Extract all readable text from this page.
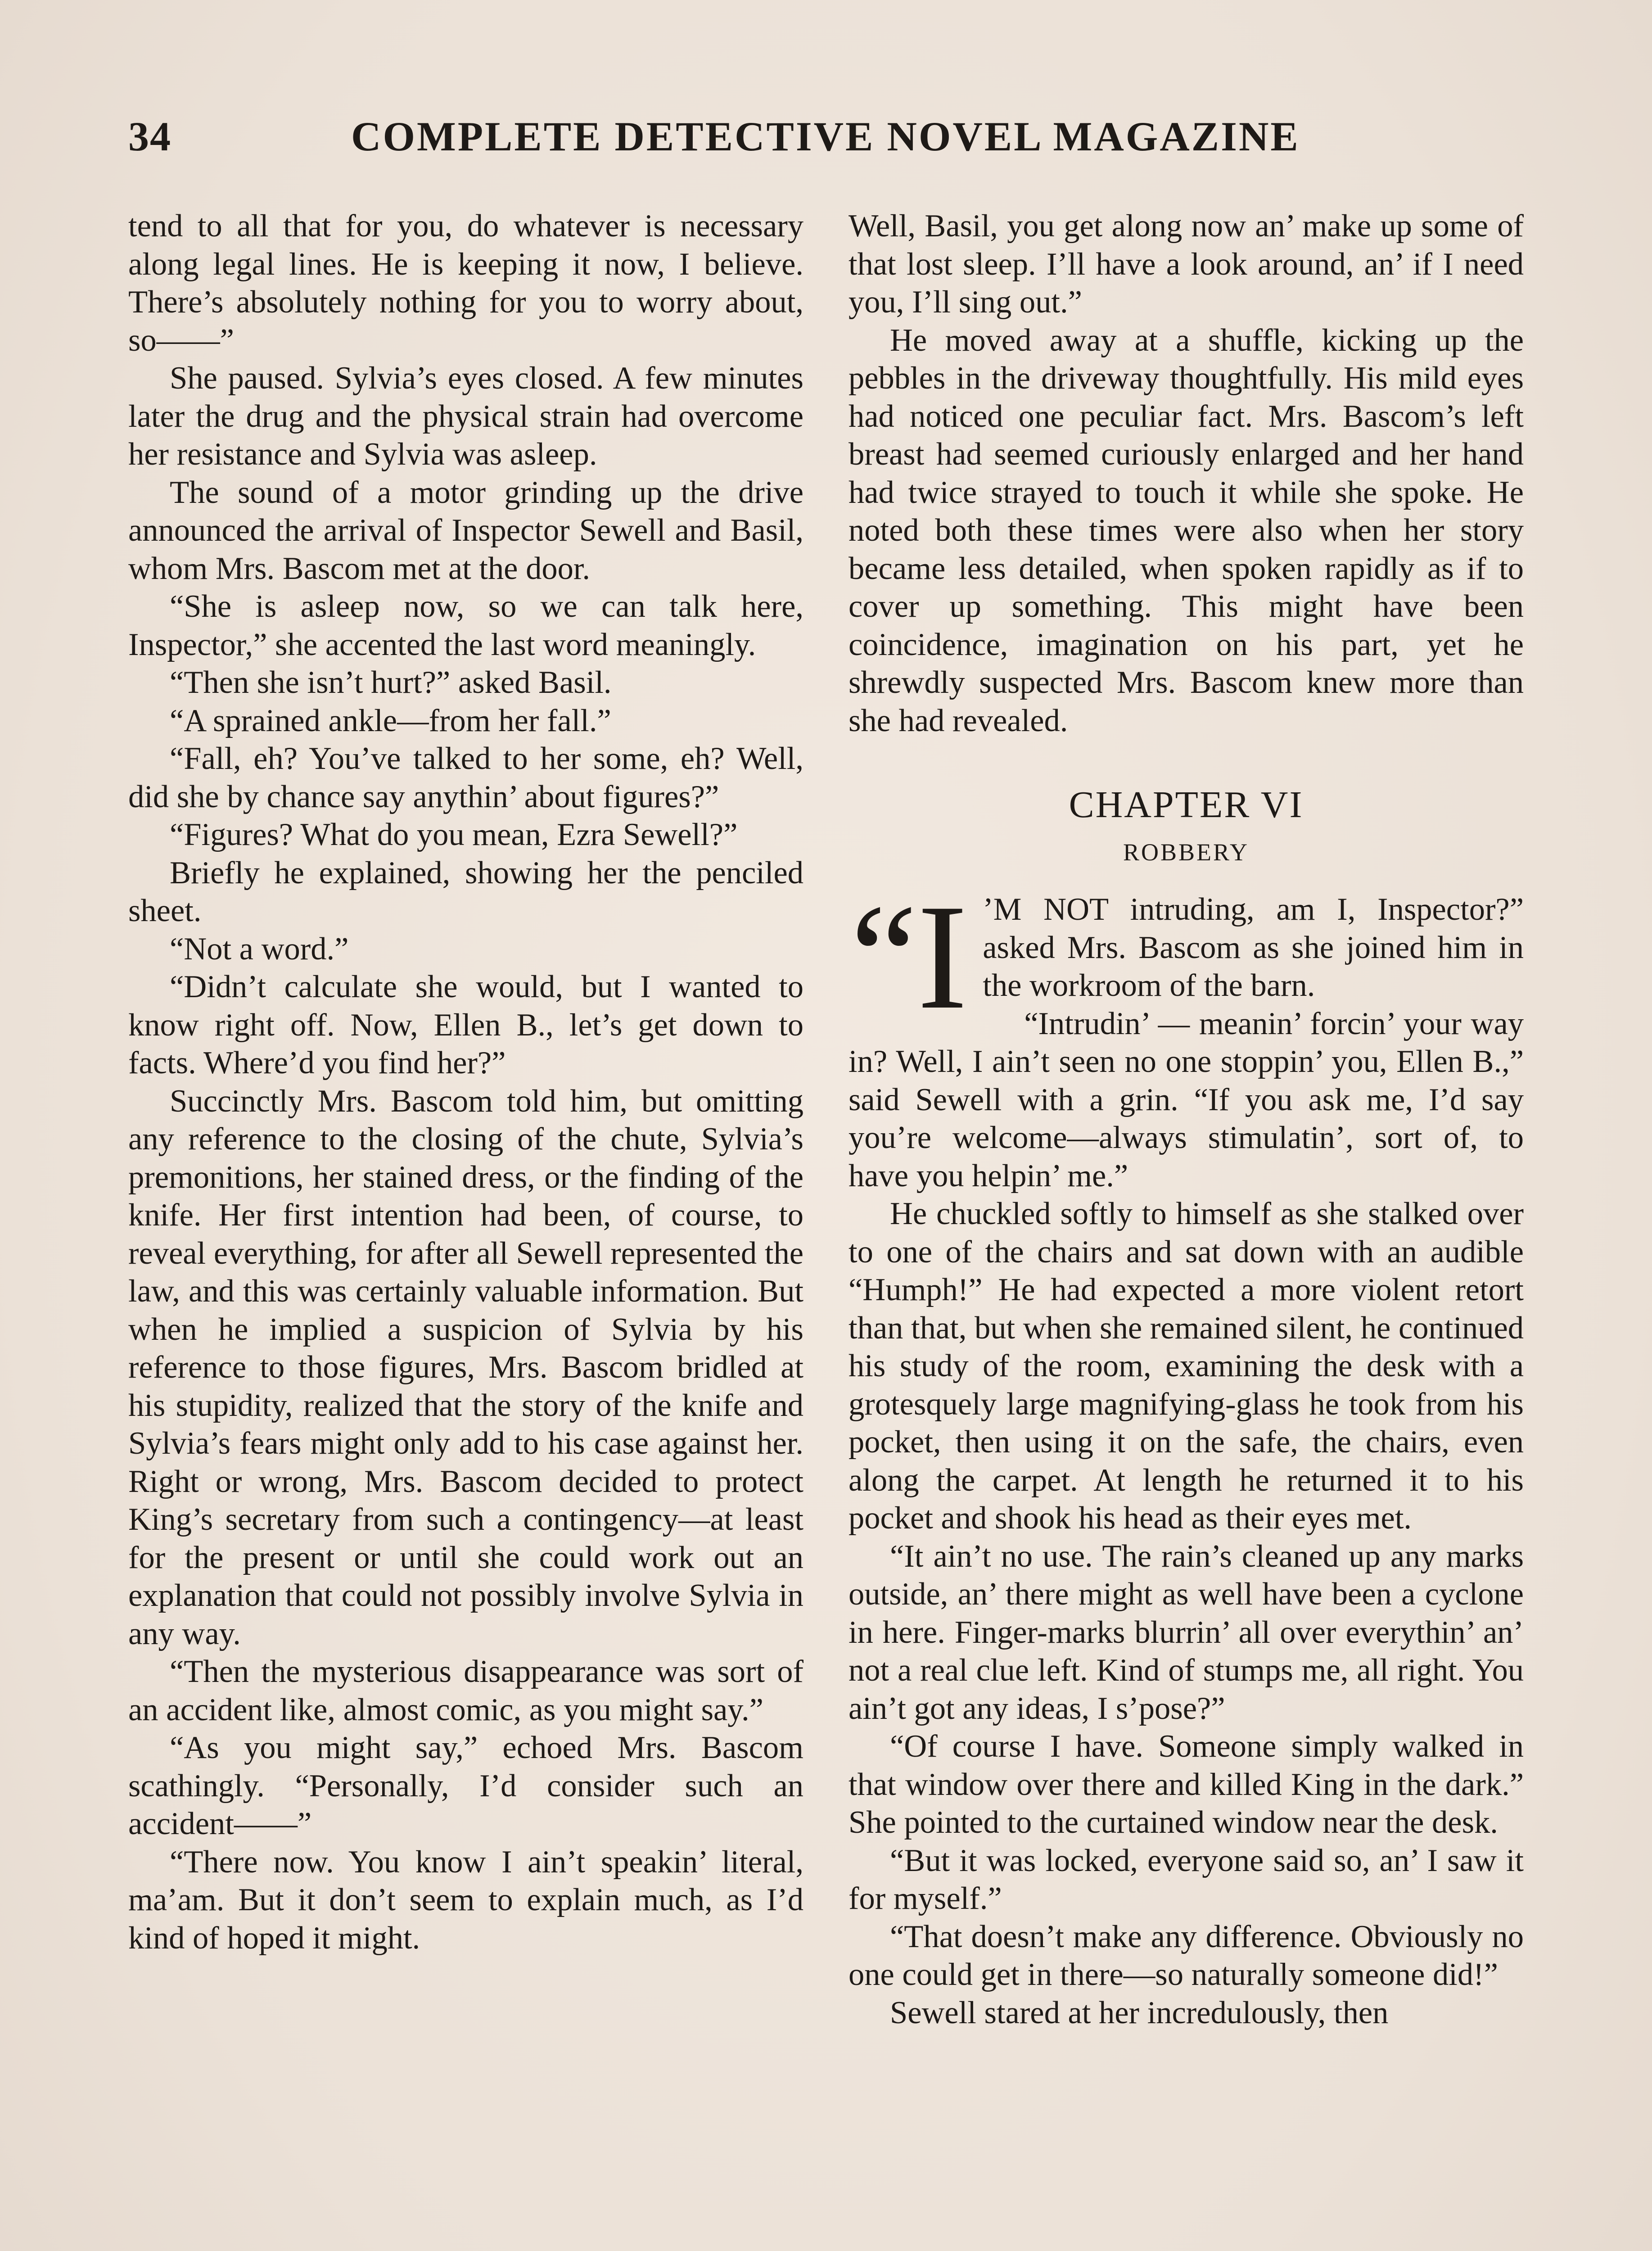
34	COMPLETE DETECTIVE NOVEL MAGAZINE

tend to all that for you, do whatever is necessary along legal lines. He is keeping it now, I believe. There’s absolutely nothing for you to worry about, so——”

She paused. Sylvia’s eyes closed. A few minutes later the drug and the physical strain had overcome her resistance and Sylvia was asleep.

The sound of a motor grinding up the drive announced the arrival of Inspector Sewell and Basil, whom Mrs. Bascom met at the door.

“She is asleep now, so we can talk here, Inspector,” she accented the last word meaningly.

“Then she isn’t hurt?” asked Basil.

“A sprained ankle—from her fall.”

“Fall, eh? You’ve talked to her some, eh? Well, did she by chance say anythin’ about figures?”

“Figures? What do you mean, Ezra Sewell?”

Briefly he explained, showing her the penciled sheet.

“Not a word.”

“Didn’t calculate she would, but I wanted to know right off. Now, Ellen B., let’s get down to facts. Where’d you find her?”

Succinctly Mrs. Bascom told him, but omitting any reference to the closing of the chute, Sylvia’s premonitions, her stained dress, or the finding of the knife. Her first intention had been, of course, to reveal everything, for after all Sewell represented the law, and this was certainly valuable information. But when he implied a suspicion of Sylvia by his reference to those figures, Mrs. Bascom bridled at his stupidity, realized that the story of the knife and Sylvia’s fears might only add to his case against her. Right or wrong, Mrs. Bascom decided to protect King’s secretary from such a contingency—at least for the present or until she could work out an explanation that could not possibly involve Sylvia in any way.

“Then the mysterious disappearance was sort of an accident like, almost comic, as you might say.”

“As you might say,” echoed Mrs. Bascom scathingly. “Personally, I’d consider such an accident——”

“There now. You know I ain’t speakin’ literal, ma’am. But it don’t seem to explain much, as I’d kind of hoped it might.

Well, Basil, you get along now an’ make up some of that lost sleep. I’ll have a look around, an’ if I need you, I’ll sing out.”

He moved away at a shuffle, kicking up the pebbles in the driveway thoughtfully. His mild eyes had noticed one peculiar fact. Mrs. Bascom’s left breast had seemed curiously enlarged and her hand had twice strayed to touch it while she spoke. He noted both these times were also when her story became less detailed, when spoken rapidly as if to cover up something. This might have been coincidence, imagination on his part, yet he shrewdly suspected Mrs. Bascom knew more than she had revealed.

CHAPTER VI
ROBBERY

“I ’M NOT intruding, am I, Inspector?” asked Mrs. Bascom as she joined him in the workroom of the barn.

“Intrudin’ — meanin’ forcin’ your way in? Well, I ain’t seen no one stoppin’ you, Ellen B.,” said Sewell with a grin. “If you ask me, I’d say you’re welcome—always stimulatin’, sort of, to have you helpin’ me.”

He chuckled softly to himself as she stalked over to one of the chairs and sat down with an audible “Humph!” He had expected a more violent retort than that, but when she remained silent, he continued his study of the room, examining the desk with a grotesquely large magnifying-glass he took from his pocket, then using it on the safe, the chairs, even along the carpet. At length he returned it to his pocket and shook his head as their eyes met.

“It ain’t no use. The rain’s cleaned up any marks outside, an’ there might as well have been a cyclone in here. Finger-marks blurrin’ all over everythin’ an’ not a real clue left. Kind of stumps me, all right. You ain’t got any ideas, I s’pose?”

“Of course I have. Someone simply walked in that window over there and killed King in the dark.” She pointed to the curtained window near the desk.

“But it was locked, everyone said so, an’ I saw it for myself.”

“That doesn’t make any difference. Obviously no one could get in there—so naturally someone did!”

Sewell stared at her incredulously, then
